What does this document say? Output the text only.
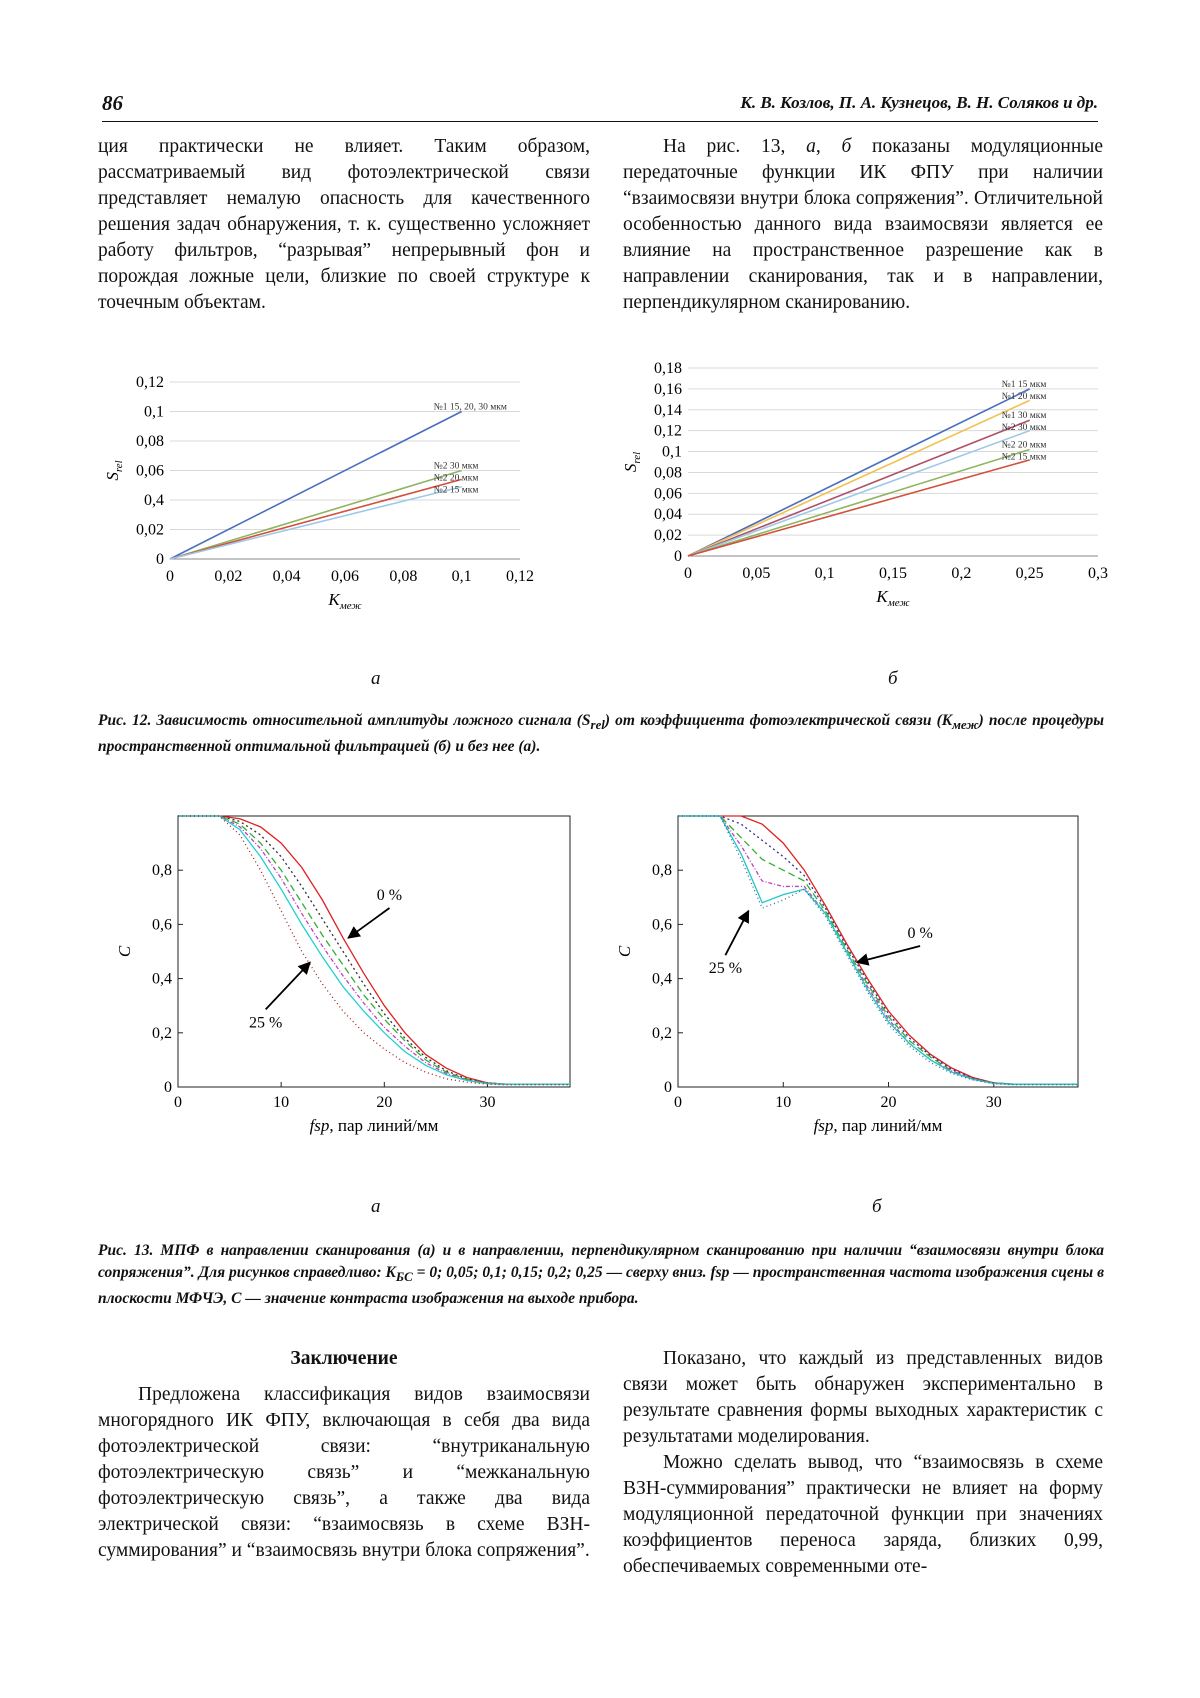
86	К. В. Козлов, П. А. Кузнецов, В. Н. Соляков и др.

ция практически не влияет. Таким образом, рассматриваемый вид фотоэлектрической связи представляет немалую опасность для качественного решения задач обнаружения, т. к. существенно усложняет работу фильтров, “разрывая” непрерывный фон и порождая ложные цели, близкие по своей структуре к точечным объектам.

На рис. 13, а, б показаны модуляционные передаточные функции ИК ФПУ при наличии “взаимосвязи внутри блока сопряжения”. Отличительной особенностью данного вида взаимосвязи является ее влияние на пространственное разрешение как в направлении сканирования, так и в направлении, перпендикулярном сканированию.

0
0,02
0,4
0,06
0,08
0,1
0,12
0	0,02 0,04 0,06 0,08 0,1 0,12
$K_{меж}$
$S_{rel}$
№1 15, 20, 30 мкм
№2 30 мкм
№2 20 мкм
№2 15 мкм
0
0,02
0,04
0,06
0,08
0,1
0,12
0,14
0,16
0,18
0	0,05	0,1	0,15	0,2	0,25	0,3
$K_{меж}$
$S_{rel}$
№1 15 мкм
№1 20 мкм
№1 30 мкм
№2 30 мкм
№2 20 мкм
№2 15 мкм
а	б
Рис. 12. Зависимость относительной амплитуды ложного сигнала $(S_{rel})$ от коэффициента фотоэлектрической связи $(K_{меж})$ после процедуры пространственной оптимальной фильтрацией (б) и без нее (а).
0
0,2
0,4
0,6
0,8
0	10	20	30
fsp, пар линий/мм
C
0 %
25 %
0
0,2
0,4
0,6
0,8
0	10	20	30
fsp, пар линий/мм
C
0 %
25 %
а	б
Рис. 13. МПФ в направлении сканирования (а) и в направлении, перпендикулярном сканированию при наличии “взаимосвязи внутри блока сопряжения”. Для рисунков справедливо: $K_{БС} = 0$; 0,05; 0,1; 0,15; 0,2; 0,25 — сверху вниз. fsp — пространственная частота изображения сцены в плоскости МФЧЭ, C — значение контраста изображения на выходе прибора.

Заключение

Предложена классификация видов взаимосвязи многорядного ИК ФПУ, включающая в себя два вида фотоэлектрической связи: “внутриканальную фотоэлектрическую связь” и “межканальную фотоэлектрическую связь”, а также два вида электрической связи: “взаимосвязь в схеме ВЗН-суммирования” и “взаимосвязь внутри блока сопряжения”.

Показано, что каждый из представленных видов связи может быть обнаружен экспериментально в результате сравнения формы выходных характеристик с результатами моделирования.

Можно сделать вывод, что “взаимосвязь в схеме ВЗН-суммирования” практически не влияет на форму модуляционной передаточной функции при значениях коэффициентов переноса заряда, близких 0,99, обеспечиваемых современными оте-
